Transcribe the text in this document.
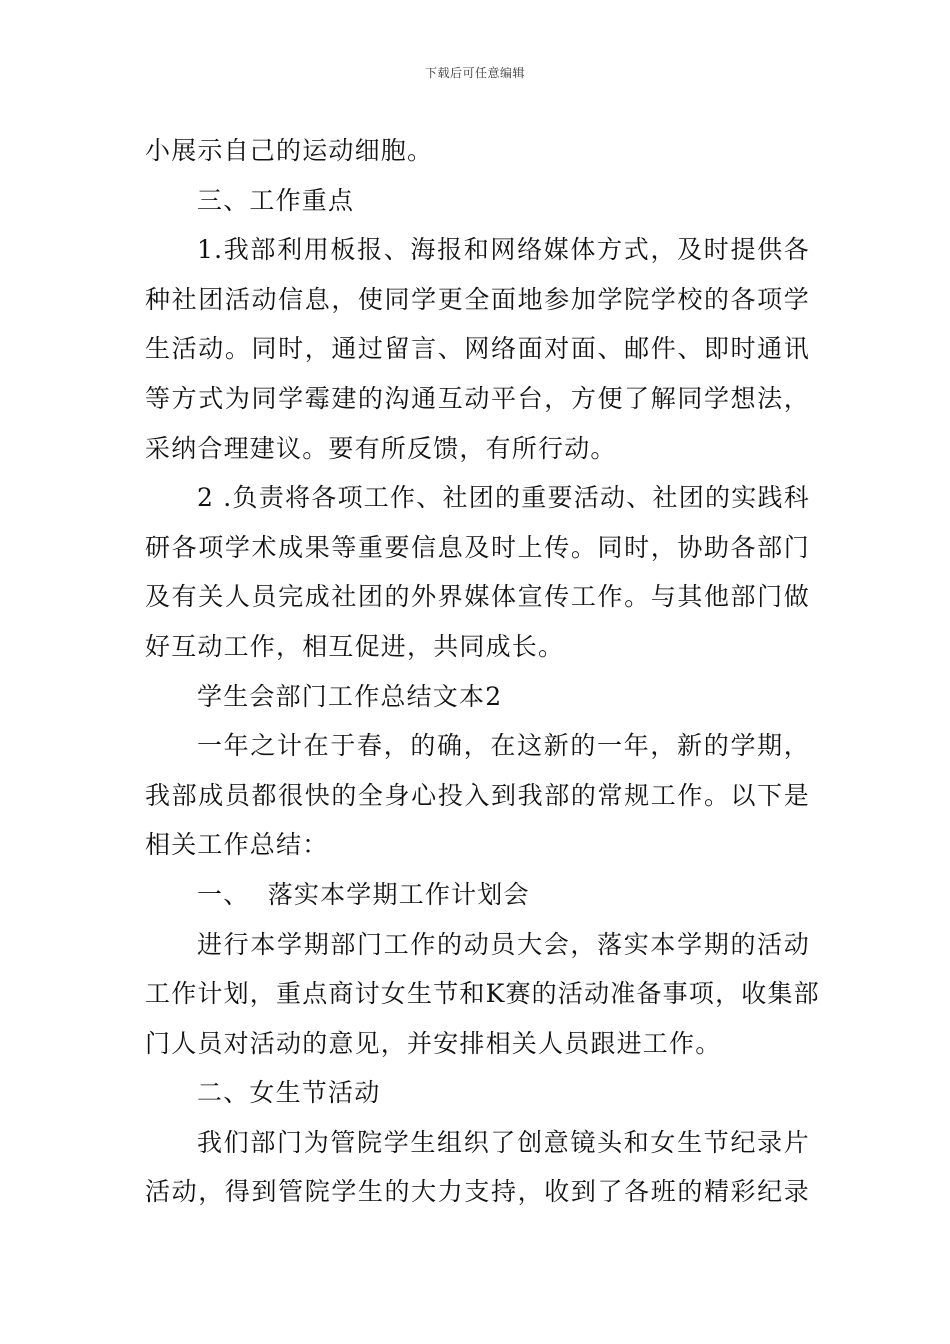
下载后可任意编辑
小展示自己的运动细胞。
三、工作重点
1.我部利用板报、海报和网络媒体方式，及时提供各
种社团活动信息，使同学更全面地参加学院学校的各项学
生活动。同时，通过留言、网络面对面、邮件、即时通讯
等方式为同学霉建的沟通互动平台，方便了解同学想法，
采纳合理建议。要有所反馈，有所行动。
2 .负责将各项工作、社团的重要活动、社团的实践科
研各项学术成果等重要信息及时上传。同时，协助各部门
及有关人员完成社团的外界媒体宣传工作。与其他部门做
好互动工作，相互促进，共同成长。
学生会部门工作总结文本2
一年之计在于春，的确，在这新的一年，新的学期，
我部成员都很快的全身心投入到我部的常规工作。以下是
相关工作总结：
一、  落实本学期工作计划会
进行本学期部门工作的动员大会，落实本学期的活动
工作计划，重点商讨女生节和K赛的活动准备事项，收集部
门人员对活动的意见，并安排相关人员跟进工作。
二、女生节活动
我们部门为管院学生组织了创意镜头和女生节纪录片
活动，得到管院学生的大力支持，收到了各班的精彩纪录
